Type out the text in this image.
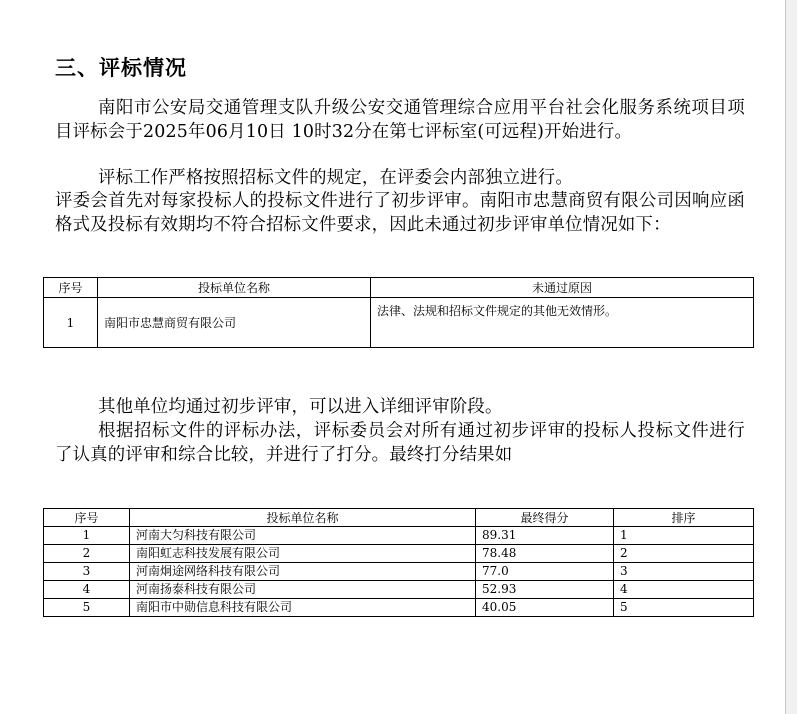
三、评标情况

南阳市公安局交通管理支队升级公安交通管理综合应用平台社会化服务系统项目项目评标会于2025年06月10日 10时32分在第七评标室(可远程)开始进行。

评标工作严格按照招标文件的规定，在评委会内部独立进行。

评委会首先对每家投标人的投标文件进行了初步评审。南阳市忠慧商贸有限公司因响应函格式及投标有效期均不符合招标文件要求，因此未通过初步评审单位情况如下：

序号	投标单位名称	未通过原因
1	南阳市忠慧商贸有限公司	法律、法规和招标文件规定的其他无效情形。

其他单位均通过初步评审，可以进入详细评审阶段。

根据招标文件的评标办法，评标委员会对所有通过初步评审的投标人投标文件进行了认真的评审和综合比较，并进行了打分。最终打分结果如

序号	投标单位名称	最终得分	排序
1	河南大匀科技有限公司	89.31	1
2	南阳虹志科技发展有限公司	78.48	2
3	河南炯途网络科技有限公司	77.0	3
4	河南扬泰科技有限公司	52.93	4
5	南阳市中勋信息科技有限公司	40.05	5
